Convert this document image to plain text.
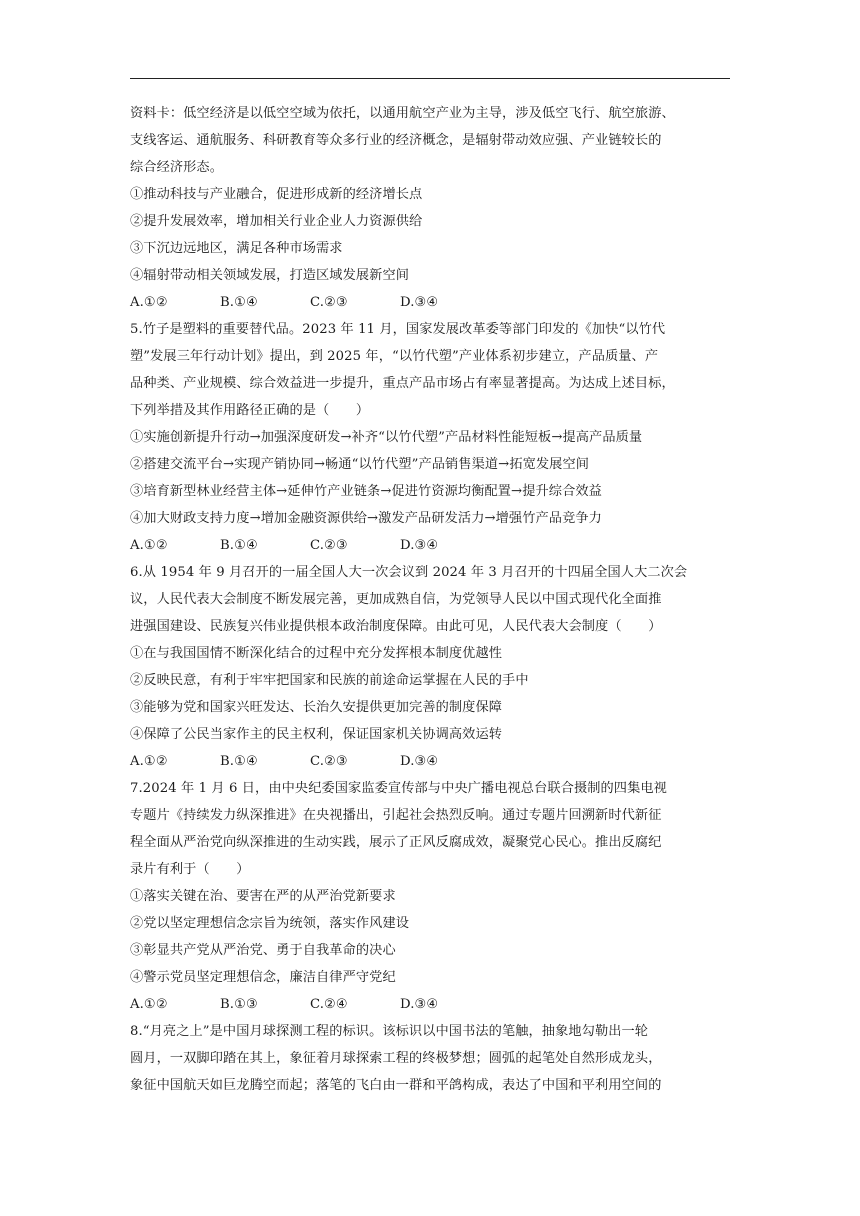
资料卡：低空经济是以低空空域为依托，以通用航空产业为主导，涉及低空飞行、航空旅游、
支线客运、通航服务、科研教育等众多行业的经济概念，是辐射带动效应强、产业链较长的
综合经济形态。
①推动科技与产业融合，促进形成新的经济增长点
②提升发展效率，增加相关行业企业人力资源供给
③下沉边远地区，满足各种市场需求
④辐射带动相关领域发展，打造区域发展新空间
A.①②	B.①④	C.②③	D.③④
5.竹子是塑料的重要替代品。2023 年 11 月，国家发展改革委等部门印发的《加快“以竹代
塑”发展三年行动计划》提出，到 2025 年，“以竹代塑”产业体系初步建立，产品质量、产
品种类、产业规模、综合效益进一步提升，重点产品市场占有率显著提高。为达成上述目标，
下列举措及其作用路径正确的是（　　）
①实施创新提升行动→加强深度研发→补齐“以竹代塑”产品材料性能短板→提高产品质量
②搭建交流平台→实现产销协同→畅通“以竹代塑”产品销售渠道→拓宽发展空间
③培育新型林业经营主体→延伸竹产业链条→促进竹资源均衡配置→提升综合效益
④加大财政支持力度→增加金融资源供给→激发产品研发活力→增强竹产品竞争力
A.①②	B.①④	C.②③	D.③④
6.从 1954 年 9 月召开的一届全国人大一次会议到 2024 年 3 月召开的十四届全国人大二次会
议，人民代表大会制度不断发展完善，更加成熟自信，为党领导人民以中国式现代化全面推
进强国建设、民族复兴伟业提供根本政治制度保障。由此可见，人民代表大会制度（　　）
①在与我国国情不断深化结合的过程中充分发挥根本制度优越性
②反映民意，有利于牢牢把国家和民族的前途命运掌握在人民的手中
③能够为党和国家兴旺发达、长治久安提供更加完善的制度保障
④保障了公民当家作主的民主权利，保证国家机关协调高效运转
A.①②	B.①④	C.②③	D.③④
7.2024 年 1 月 6 日，由中央纪委国家监委宣传部与中央广播电视总台联合摄制的四集电视
专题片《持续发力纵深推进》在央视播出，引起社会热烈反响。通过专题片回溯新时代新征
程全面从严治党向纵深推进的生动实践，展示了正风反腐成效，凝聚党心民心。推出反腐纪
录片有利于（　　）
①落实关键在治、要害在严的从严治党新要求
②党以坚定理想信念宗旨为统领，落实作风建设
③彰显共产党从严治党、勇于自我革命的决心
④警示党员坚定理想信念，廉洁自律严守党纪
A.①②	B.①③	C.②④	D.③④
8.“月亮之上”是中国月球探测工程的标识。该标识以中国书法的笔触，抽象地勾勒出一轮
圆月，一双脚印踏在其上，象征着月球探索工程的终极梦想；圆弧的起笔处自然形成龙头，
象征中国航天如巨龙腾空而起；落笔的飞白由一群和平鸽构成，表达了中国和平利用空间的
